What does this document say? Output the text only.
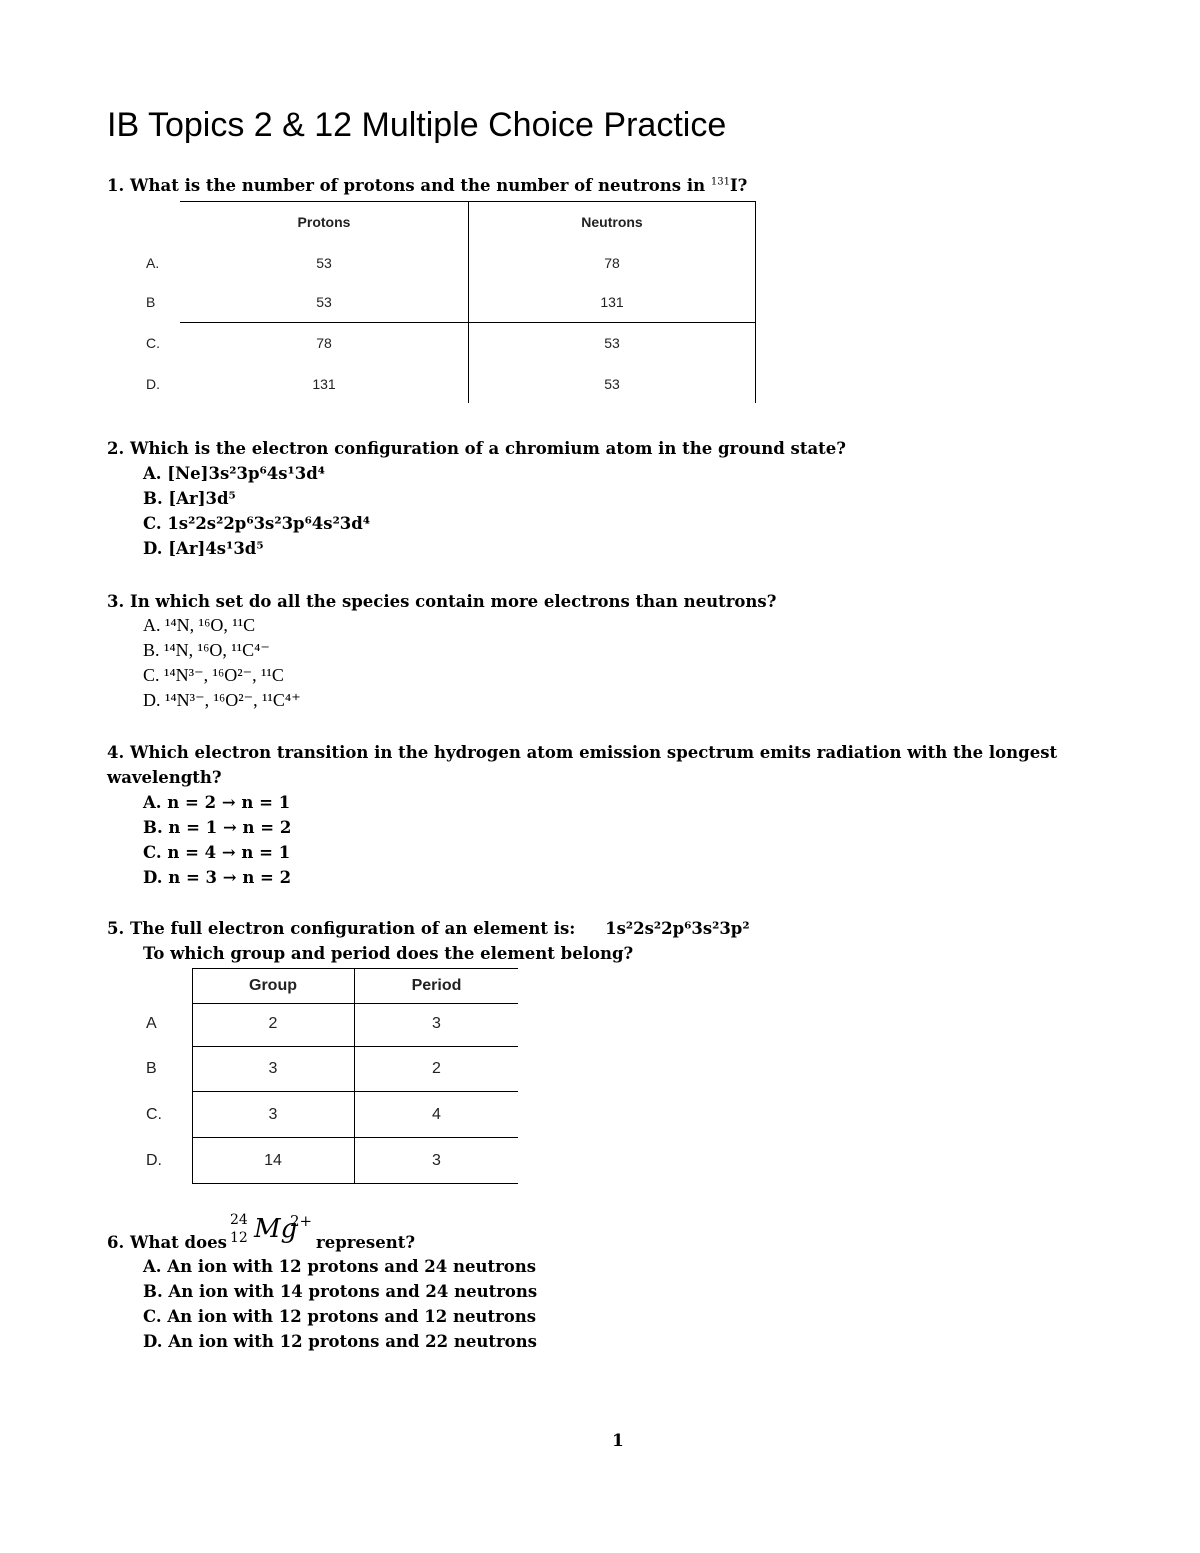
IB Topics 2 & 12 Multiple Choice Practice
1. What is the number of protons and the number of neutrons in $^{131}$I?
Protons	Neutrons
A.	53	78
B	53	131
C.	78	53
D.	131	53
2. Which is the electron configuration of a chromium atom in the ground state?
A. [Ne]3s²3p⁶4s¹3d⁴
B. [Ar]3d⁵
C. 1s²2s²2p⁶3s²3p⁶4s²3d⁴
D. [Ar]4s¹3d⁵
3. In which set do all the species contain more electrons than neutrons?
A. ¹⁴N, ¹⁶O, ¹¹C
B. ¹⁴N, ¹⁶O, ¹¹C⁴⁻
C. ¹⁴N³⁻, ¹⁶O²⁻, ¹¹C
D. ¹⁴N³⁻, ¹⁶O²⁻, ¹¹C⁴⁺
4. Which electron transition in the hydrogen atom emission spectrum emits radiation with the longest
wavelength?
A. n = 2 → n = 1
B. n = 1 → n = 2
C. n = 4 → n = 1
D. n = 3 → n = 2
5. The full electron configuration of an element is: 1s²2s²2p⁶3s²3p²
To which group and period does the element belong?
Group	Period
A	2	3
B	3	2
C.	3	4
D.	14	3
6. What does
24
12 Mg
2+
represent?
A. An ion with 12 protons and 24 neutrons
B. An ion with 14 protons and 24 neutrons
C. An ion with 12 protons and 12 neutrons
D. An ion with 12 protons and 22 neutrons
1
